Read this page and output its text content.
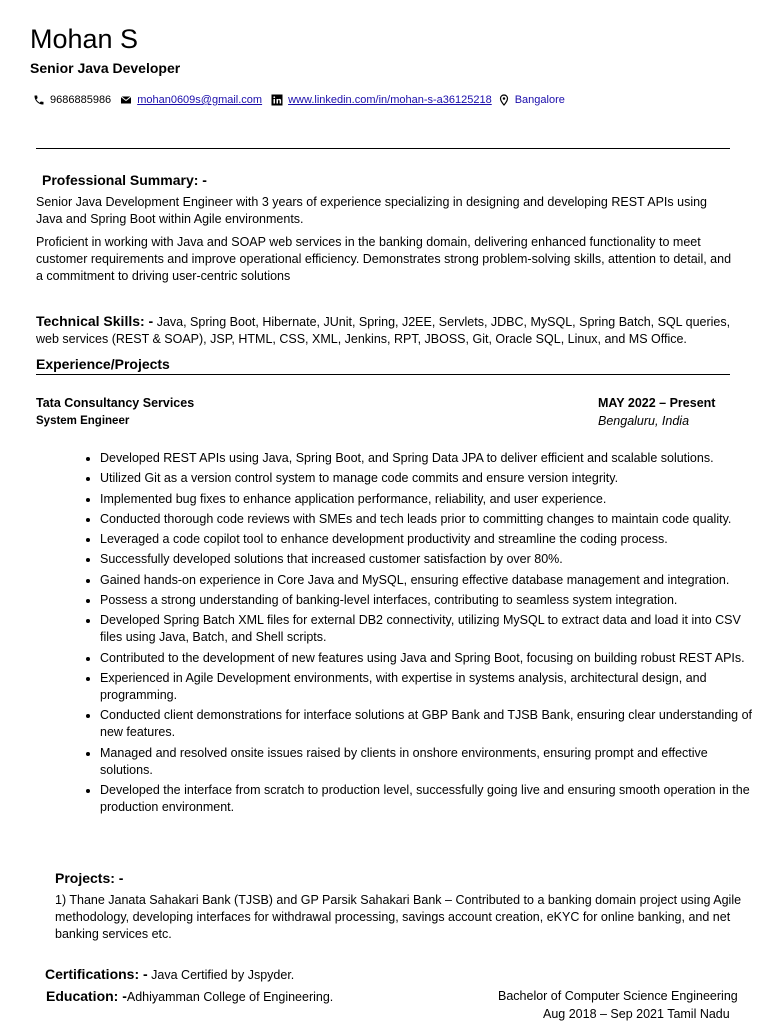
Mohan S
Senior Java Developer
9686885986 mohan0609s@gmail.com www.linkedin.com/in/mohan-s-a36125218 Bangalore
Professional Summary: -
Senior Java Development Engineer with 3 years of experience specializing in designing and developing REST APIs using Java and Spring Boot within Agile environments.
Proficient in working with Java and SOAP web services in the banking domain, delivering enhanced functionality to meet customer requirements and improve operational efficiency. Demonstrates strong problem-solving skills, attention to detail, and a commitment to driving user-centric solutions
Technical Skills: - Java, Spring Boot, Hibernate, JUnit, Spring, J2EE, Servlets, JDBC, MySQL, Spring Batch, SQL queries, web services (REST & SOAP), JSP, HTML, CSS, XML, Jenkins, RPT, JBOSS, Git, Oracle SQL, Linux, and MS Office.
Experience/Projects
Tata Consultancy Services
System Engineer
MAY 2022 – Present
Bengaluru, India
• Developed REST APIs using Java, Spring Boot, and Spring Data JPA to deliver efficient and scalable solutions.
• Utilized Git as a version control system to manage code commits and ensure version integrity.
• Implemented bug fixes to enhance application performance, reliability, and user experience.
• Conducted thorough code reviews with SMEs and tech leads prior to committing changes to maintain code quality.
• Leveraged a code copilot tool to enhance development productivity and streamline the coding process.
• Successfully developed solutions that increased customer satisfaction by over 80%.
• Gained hands-on experience in Core Java and MySQL, ensuring effective database management and integration.
• Possess a strong understanding of banking-level interfaces, contributing to seamless system integration.
• Developed Spring Batch XML files for external DB2 connectivity, utilizing MySQL to extract data and load it into CSV files using Java, Batch, and Shell scripts.
• Contributed to the development of new features using Java and Spring Boot, focusing on building robust REST APIs.
• Experienced in Agile Development environments, with expertise in systems analysis, architectural design, and programming.
• Conducted client demonstrations for interface solutions at GBP Bank and TJSB Bank, ensuring clear understanding of new features.
• Managed and resolved onsite issues raised by clients in onshore environments, ensuring prompt and effective solutions.
• Developed the interface from scratch to production level, successfully going live and ensuring smooth operation in the production environment.
Projects: -
1) Thane Janata Sahakari Bank (TJSB) and GP Parsik Sahakari Bank – Contributed to a banking domain project using Agile methodology, developing interfaces for withdrawal processing, savings account creation, eKYC for online banking, and net banking services etc.
Certifications: - Java Certified by Jspyder.
Education: -Adhiyamman College of Engineering.	Bachelor of Computer Science Engineering
Aug 2018 – Sep 2021 Tamil Nadu
